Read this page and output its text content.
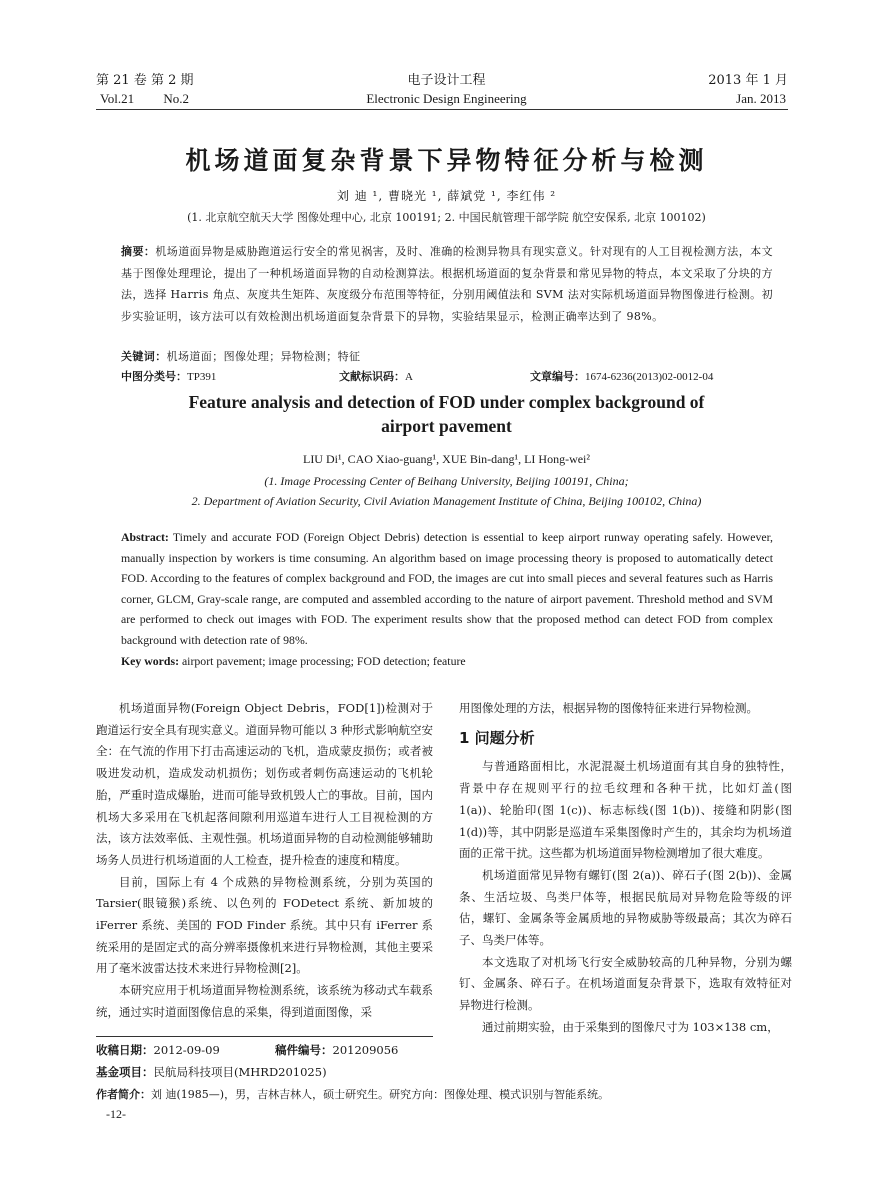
第 21 卷 第 2 期
Vol.21         No.2
电子设计工程
Electronic Design Engineering
2013 年 1 月
Jan. 2013
机场道面复杂背景下异物特征分析与检测
刘 迪 ¹, 曹晓光 ¹, 薛斌党 ¹, 李红伟 ²
(1. 北京航空航天大学 图像处理中心, 北京 100191; 2. 中国民航管理干部学院 航空安保系, 北京 100102)
摘要：机场道面异物是威胁跑道运行安全的常见祸害，及时、准确的检测异物具有现实意义。针对现有的人工目视检测方法，本文基于图像处理理论，提出了一种机场道面异物的自动检测算法。根据机场道面的复杂背景和常见异物的特点，本文采取了分块的方法，选择 Harris 角点、灰度共生矩阵、灰度级分布范围等特征，分别用阈值法和 SVM 法对实际机场道面异物图像进行检测。初步实验证明，该方法可以有效检测出机场道面复杂背景下的异物，实验结果显示，检测正确率达到了 98%。
关键词：机场道面；图像处理；异物检测；特征
中图分类号：TP391	文献标识码：A	文章编号：1674-6236(2013)02-0012-04
Feature analysis and detection of FOD under complex background of
airport pavement
LIU Di¹, CAO Xiao-guang¹, XUE Bin-dang¹, LI Hong-wei²
(1. Image Processing Center of Beihang University, Beijing 100191, China;
2. Department of Aviation Security, Civil Aviation Management Institute of China, Beijing 100102, China)
Abstract: Timely and accurate FOD (Foreign Object Debris) detection is essential to keep airport runway operating safely. However, manually inspection by workers is time consuming. An algorithm based on image processing theory is proposed to automatically detect FOD. According to the features of complex background and FOD, the images are cut into small pieces and several features such as Harris corner, GLCM, Gray-scale range, are computed and assembled according to the nature of airport pavement. Threshold method and SVM are performed to check out images with FOD. The experiment results show that the proposed method can detect FOD from complex background with detection rate of 98%.
Key words: airport pavement; image processing; FOD detection; feature

机场道面异物(Foreign Object Debris，FOD[1])检测对于跑道运行安全具有现实意义。道面异物可能以 3 种形式影响航空安全：在气流的作用下打击高速运动的飞机，造成蒙皮损伤；或者被吸进发动机，造成发动机损伤；划伤或者刺伤高速运动的飞机轮胎，严重时造成爆胎，进而可能导致机毁人亡的事故。目前，国内机场大多采用在飞机起落间隙利用巡道车进行人工目视检测的方法，该方法效率低、主观性强。机场道面异物的自动检测能够辅助场务人员进行机场道面的人工检查，提升检查的速度和精度。

目前，国际上有 4 个成熟的异物检测系统，分别为英国的 Tarsier(眼镜猴)系统、以色列的 FODetect 系统、新加坡的 iFerrer 系统、美国的 FOD Finder 系统。其中只有 iFerrer 系统采用的是固定式的高分辨率摄像机来进行异物检测，其他主要采用了毫米波雷达技术来进行异物检测[2]。

本研究应用于机场道面异物检测系统，该系统为移动式车载系统，通过实时道面图像信息的采集，得到道面图像，采

用图像处理的方法，根据异物的图像特征来进行异物检测。

1 问题分析

与普通路面相比，水泥混凝土机场道面有其自身的独特性，背景中存在规则平行的拉毛纹理和各种干扰，比如灯盖(图 1(a))、轮胎印(图 1(c))、标志标线(图 1(b))、接缝和阴影(图 1(d))等，其中阴影是巡道车采集图像时产生的，其余均为机场道面的正常干扰。这些都为机场道面异物检测增加了很大难度。

机场道面常见异物有螺钉(图 2(a))、碎石子(图 2(b))、金属条、生活垃圾、鸟类尸体等，根据民航局对异物危险等级的评估，螺钉、金属条等金属质地的异物威胁等级最高；其次为碎石子、鸟类尸体等。

本文选取了对机场飞行安全威胁较高的几种异物，分别为螺钉、金属条、碎石子。在机场道面复杂背景下，选取有效特征对异物进行检测。

通过前期实验，由于采集到的图像尺寸为 103×138 cm，

收稿日期：2012-09-09	稿件编号：201209056
基金项目：民航局科技项目(MHRD201025)
作者简介：刘 迪(1985—)，男，吉林吉林人，硕士研究生。研究方向：图像处理、模式识别与智能系统。
-12-
